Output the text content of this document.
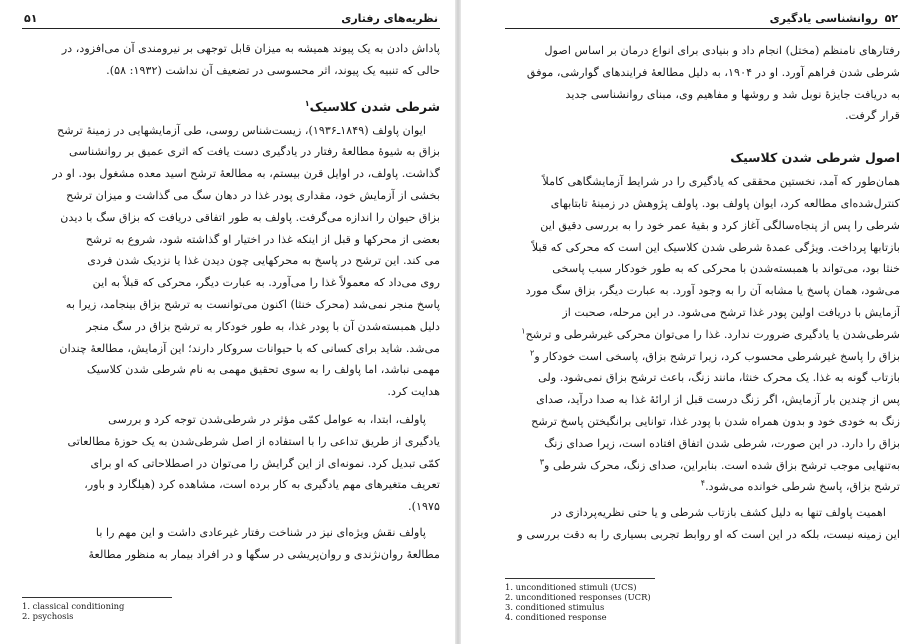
نظریه‌های رفتاری
۵۱

پاداش دادن به یک پیوند همیشه به میزان قابل توجهی بر نیرومندی آن می‌افزود، در

حالی که تنبیه یک پیوند، اثر محسوسی در تضعیف آن نداشت (۱۹۳۲: ۵۸).

شرطی شدن کلاسیک$^۱$

ایوان پاولف (۱۸۴۹ـ۱۹۳۶)، زیست‌شناس روسی، طی آزمایشهایی در زمینهٔ ترشح

بزاق به شیوهٔ مطالعهٔ رفتار در یادگیری دست یافت که اثری عمیق بر روانشناسی

گذاشت. پاولف، در اوایل قرن بیستم، به مطالعهٔ ترشح اسید معده مشغول بود. او در

بخشی از آزمایش خود، مقداری پودر غذا در دهان سگ می گذاشت و میزان ترشح

بزاق حیوان را اندازه می‌گرفت. پاولف به طور اتفاقی دریافت که بزاق سگ با دیدن

بعضی از محرکها و قبل از اینکه غذا در اختیار او گذاشته شود، شروع به ترشح

می کند. این ترشح در پاسخ به محرکهایی چون دیدن غذا یا نزدیک شدن فردی

روی می‌داد که معمولاً غذا را می‌آورد. به عبارت دیگر، محرکی که قبلاً به این

پاسخ منجر نمی‌شد (محرک خنثا) اکنون می‌توانست به ترشح بزاق بینجامد، زیرا به

دلیل همبسته‌شدن آن با پودر غذا، به طور خودکار به ترشح بزاق در سگ منجر

می‌شد. شاید برای کسانی که با حیوانات سروکار دارند؛ این آزمایش، مطالعهٔ چندان

مهمی نباشد، اما پاولف را به سوی تحقیق مهمی به نام شرطی شدن کلاسیک

هدایت کرد.

پاولف، ابتدا، به عوامل کمّی مؤثر در شرطی‌شدن توجه کرد و بررسی

یادگیری از طریق تداعی را با استفاده از اصل شرطی‌شدن به یک حوزهٔ مطالعاتی

کمّی تبدیل کرد. نمونه‌ای از این گرایش را می‌توان در اصطلاحاتی که او برای

تعریف متغیرهای مهم یادگیری به کار برده است، مشاهده کرد (هیلگارد و باور،

۱۹۷۵).

پاولف نقش ویژه‌ای نیز در شناخت رفتار غیرعادی داشت و این مهم را با

مطالعهٔ روان‌نژندی و روان‌پریشی در سگها و در افراد بیمار به منظور مطالعهٔ

1. classical conditioning
2. psychosis
۵۲
روانشناسی یادگیری

رفتارهای نامنظم (مختل) انجام داد و بنیادی برای انواع درمان بر اساس اصول

شرطی شدن فراهم آورد. او در ۱۹۰۴، به دلیل مطالعهٔ فرایندهای گوارشی، موفق

به دریافت جایزهٔ نوبل شد و روشها و مفاهیم وی، مبنای روانشناسی جدید

قرار گرفت.

اصول شرطی شدن کلاسیک

همان‌طور که آمد، نخستین محققی که یادگیری را در شرایط آزمایشگاهی کاملاً

کنترل‌شده‌ای مطالعه کرد، ایوان پاولف بود. پاولف پژوهش در زمینهٔ تابتابهای

شرطی را پس از پنجاه‌سالگی آغاز کرد و بقیهٔ عمر خود را به بررسی دقیق این

بازتابها پرداخت. ویژگی عمدهٔ شرطی شدن کلاسیک این است که محرکی که قبلاً

خنثا بود، می‌تواند با همبسته‌شدن با محرکی که به طور خودکار سبب پاسخی

می‌شود، همان پاسخ یا مشابه آن را به وجود آورد. به عبارت دیگر، بزاق سگ مورد

آزمایش با دریافت اولین پودر غذا ترشح می‌شود. در این مرحله، صحبت از

شرطی‌شدن یا یادگیری ضرورت ندارد. غذا را می‌توان محرکی غیرشرطی و ترشح$^۱$

بزاق را پاسخ غیرشرطی محسوب کرد، زیرا ترشح بزاق، پاسخی است خودکار و$^۲$

بازتاب گونه به غذا. یک محرک خنثا، مانند زنگ، باعث ترشح بزاق نمی‌شود. ولی

پس از چندین بار آزمایش، اگر زنگ درست قبل از ارائهٔ غذا به صدا درآید، صدای

زنگ به خودی خود و بدون همراه شدن با پودر غذا، توانایی برانگیختن پاسخ ترشح

بزاق را دارد. در این صورت، شرطی شدن اتفاق افتاده است، زیرا صدای زنگ

به‌تنهایی موجب ترشح بزاق شده است. بنابراین، صدای زنگ، محرک شرطی و$^۳$

ترشح بزاق، پاسخ شرطی خوانده می‌شود.$^۴$

اهمیت پاولف تنها به دلیل کشف بازتاب شرطی و یا حتی نظریه‌پردازی در

این زمینه نیست، بلکه در این است که او روابط تجربی بسیاری را به دقت بررسی و

1. unconditioned stimuli (UCS)
2. unconditioned responses (UCR)
3. conditioned stimulus
4. conditioned response
